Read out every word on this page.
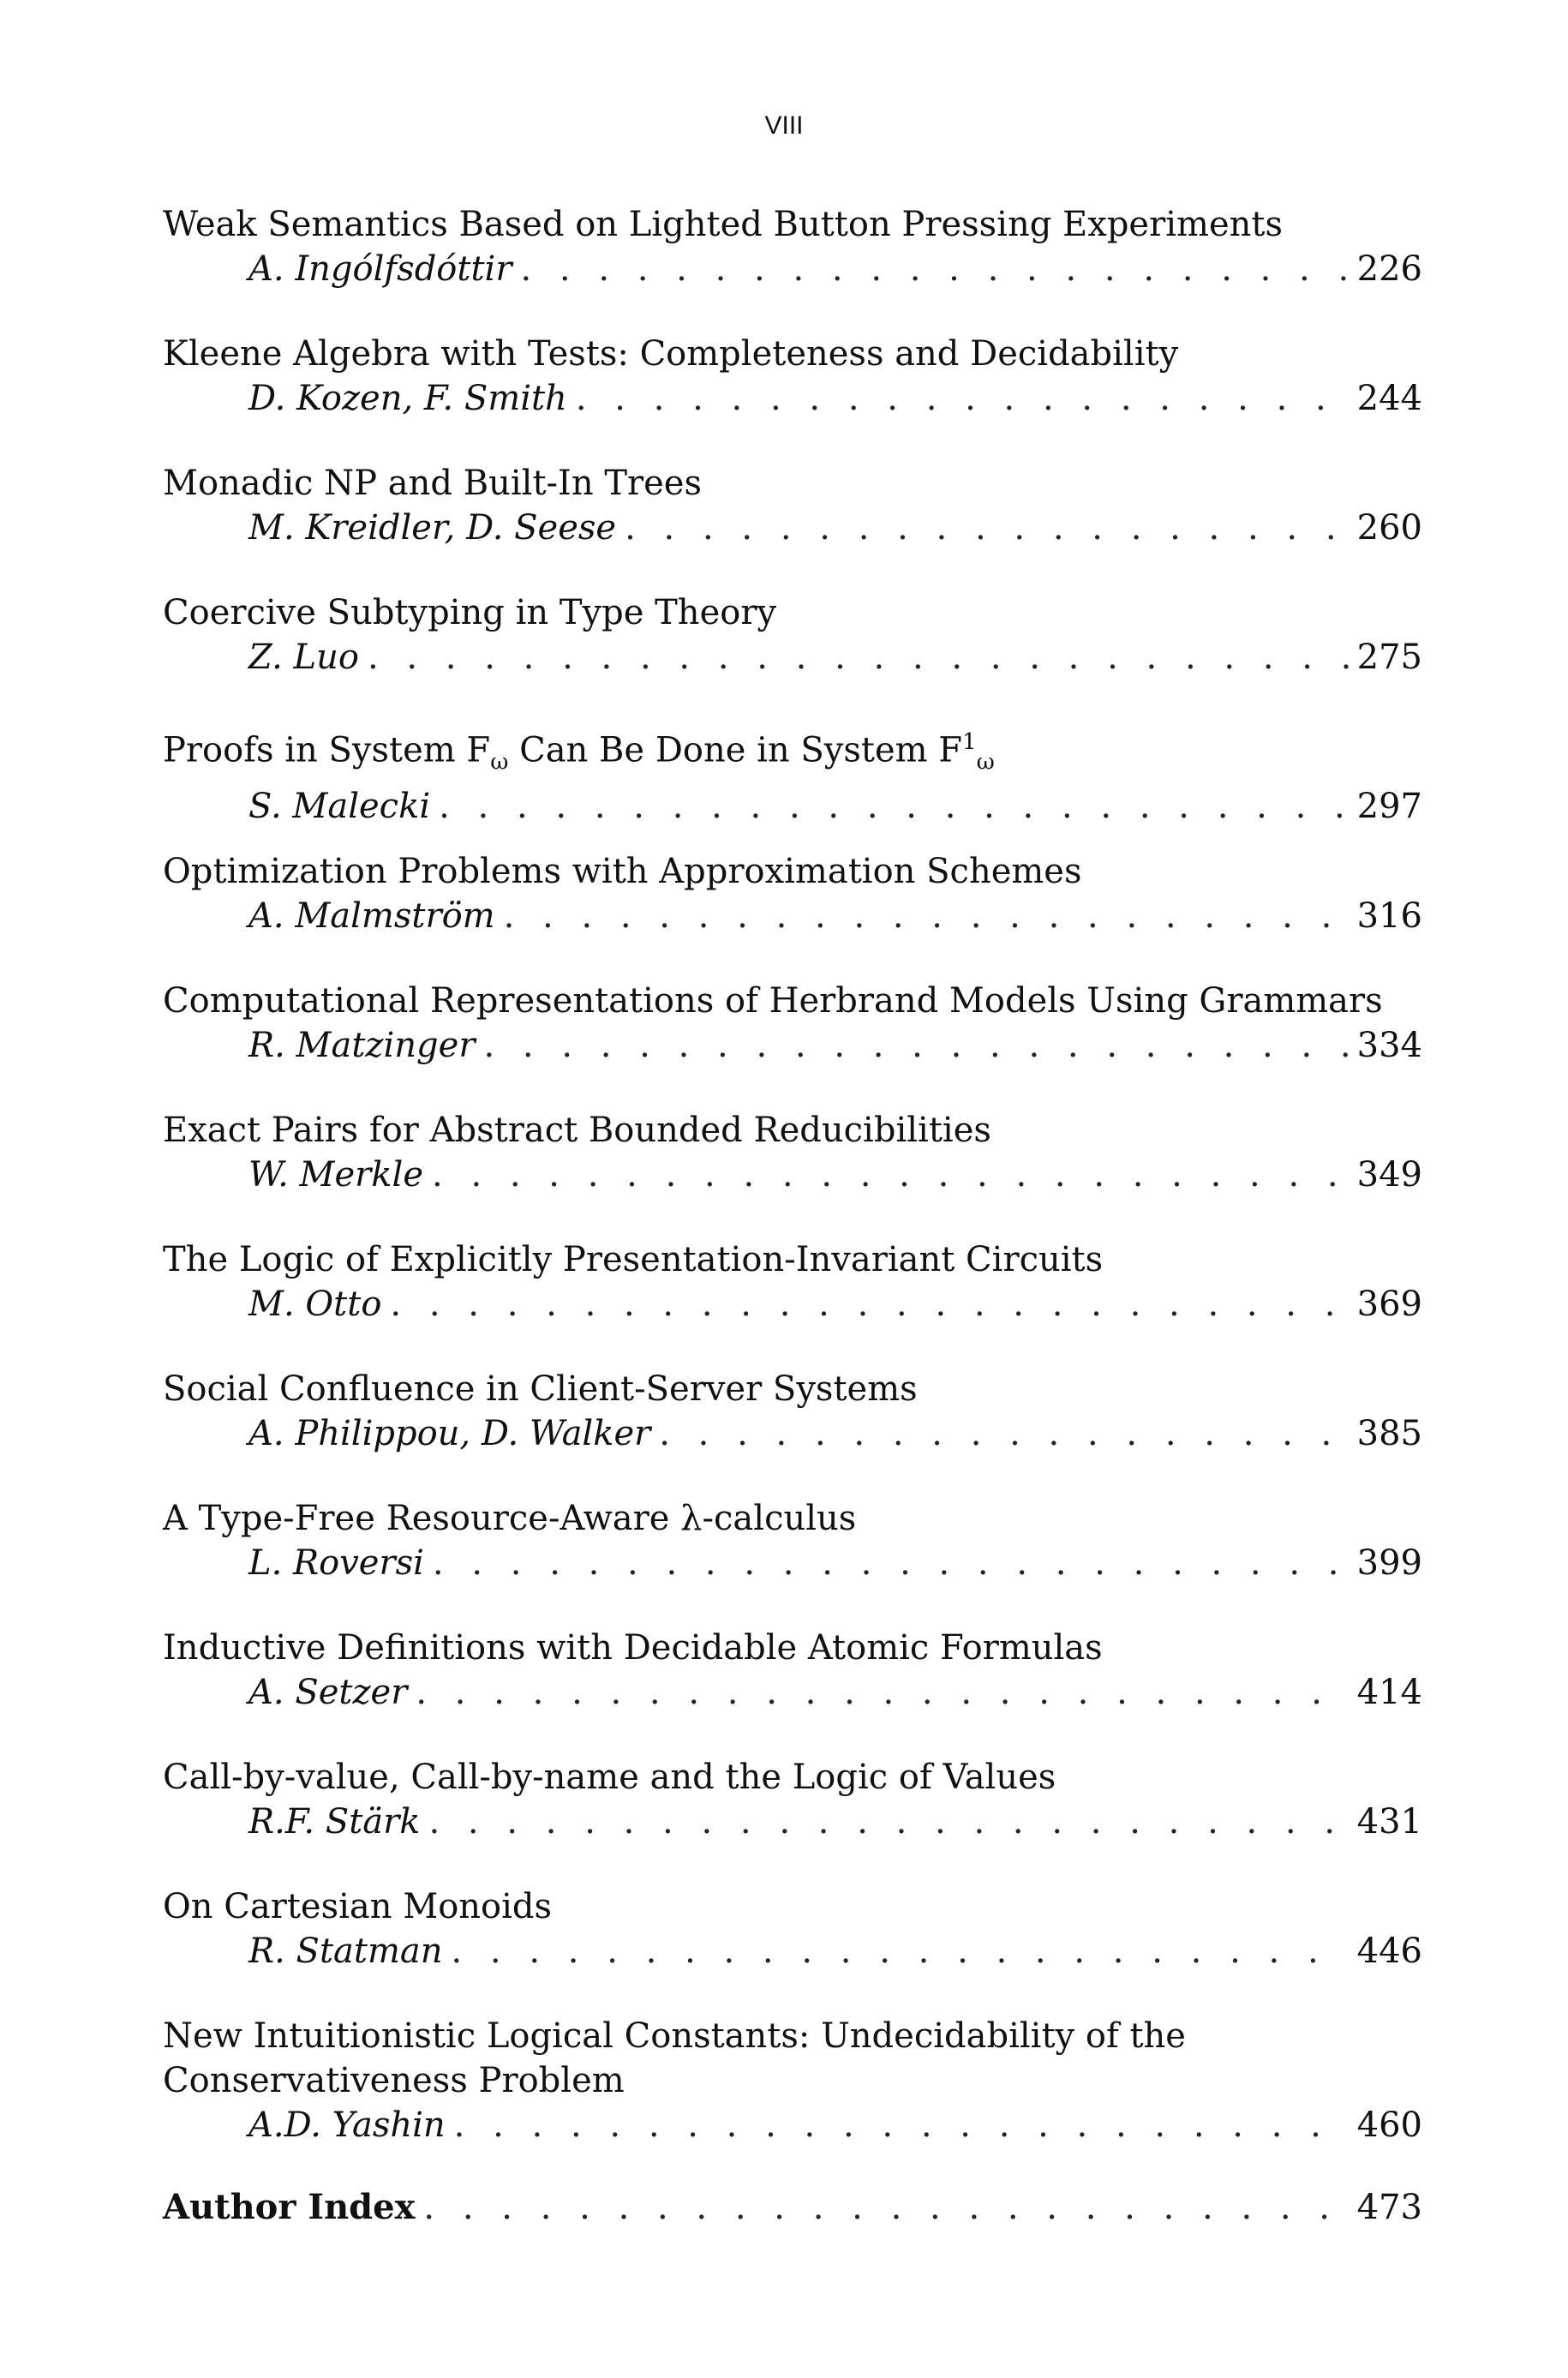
VIII
Weak Semantics Based on Lighted Button Pressing Experiments
A. Ingólfsdóttir . . .	226
Kleene Algebra with Tests: Completeness and Decidability
D. Kozen, F. Smith . . .	244
Monadic NP and Built-In Trees
M. Kreidler, D. Seese . . .	260
Coercive Subtyping in Type Theory
Z. Luo . . .	275
Proofs in System $F_\omega$ Can Be Done in System $F^1_\omega$
S. Malecki . . .	297
Optimization Problems with Approximation Schemes
A. Malmström . . .	316
Computational Representations of Herbrand Models Using Grammars
R. Matzinger . . .	334
Exact Pairs for Abstract Bounded Reducibilities
W. Merkle . . .	349
The Logic of Explicitly Presentation-Invariant Circuits
M. Otto . . .	369
Social Confluence in Client-Server Systems
A. Philippou, D. Walker . . .	385
A Type-Free Resource-Aware λ-calculus
L. Roversi . . .	399
Inductive Definitions with Decidable Atomic Formulas
A. Setzer . . .	414
Call-by-value, Call-by-name and the Logic of Values
R.F. Stärk . . .	431
On Cartesian Monoids
R. Statman . . .	446
New Intuitionistic Logical Constants: Undecidability of the Conservativeness Problem
A.D. Yashin . . .	460
Author Index . . .	473
